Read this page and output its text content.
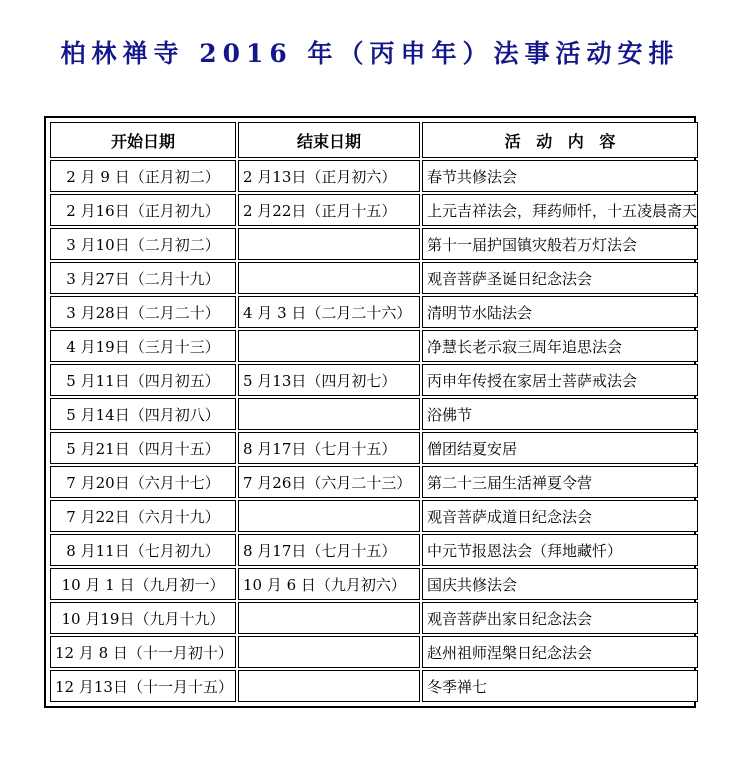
柏林禅寺 2016 年（丙申年）法事活动安排
开始日期	结束日期	活 动 内 容
2 月 9 日（正月初二）	2 月13日（正月初六）	春节共修法会
2 月16日（正月初九）	2 月22日（正月十五）	上元吉祥法会，拜药师忏，十五凌晨斋天
3 月10日（二月初二）		第十一届护国镇灾般若万灯法会
3 月27日（二月十九）		观音菩萨圣诞日纪念法会
3 月28日（二月二十）	4 月 3 日（二月二十六）	清明节水陆法会
4 月19日（三月十三）		净慧长老示寂三周年追思法会
5 月11日（四月初五）	5 月13日（四月初七）	丙申年传授在家居士菩萨戒法会
5 月14日（四月初八）		浴佛节
5 月21日（四月十五）	8 月17日（七月十五）	僧团结夏安居
7 月20日（六月十七）	7 月26日（六月二十三）	第二十三届生活禅夏令营
7 月22日（六月十九）		观音菩萨成道日纪念法会
8 月11日（七月初九）	8 月17日（七月十五）	中元节报恩法会（拜地藏忏）
10 月 1 日（九月初一）	10 月 6 日（九月初六）	国庆共修法会
10 月19日（九月十九）		观音菩萨出家日纪念法会
12 月 8 日（十一月初十）		赵州祖师涅槃日纪念法会
12 月13日（十一月十五）		冬季禅七
